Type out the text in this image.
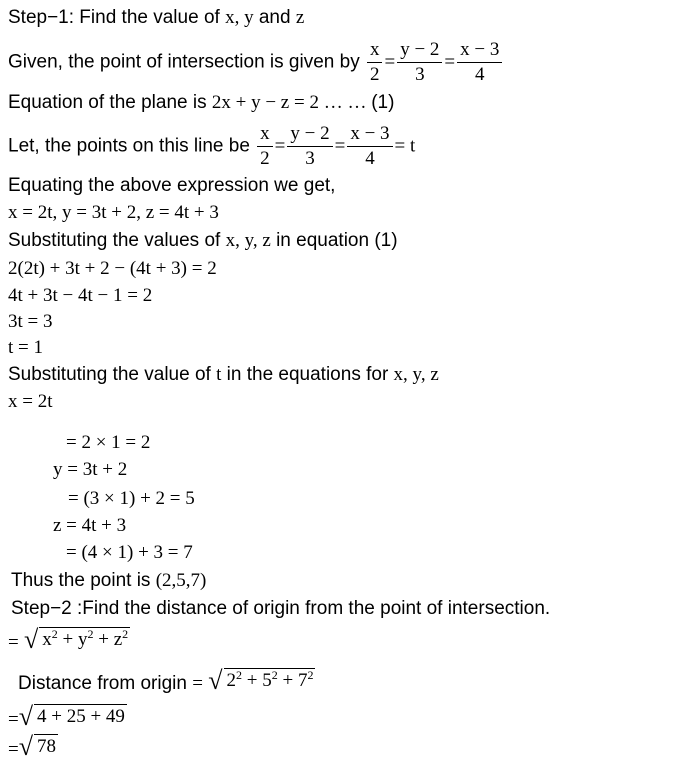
Step−1: Find the value of x, y and z
Given, the point of intersection is given by $\frac{x}{2} = \frac{y - 2}{3} = \frac{x - 3}{4}$
Equation of the plane is 2x + y − z = 2 … … (1)
Let, the points on this line be $\frac{x}{2} = \frac{y - 2}{3} = \frac{x - 3}{4} = t$
Equating the above expression we get,
x = 2t, y = 3t + 2, z = 4t + 3
Substituting the values of x, y, z in equation (1)
2(2t) + 3t + 2 − (4t + 3) = 2
4t + 3t − 4t − 1 = 2
3t = 3
t = 1
Substituting the value of t in the equations for x, y, z
x = 2t
= 2 × 1 = 2
y = 3t + 2
= (3 × 1) + 2 = 5
z = 4t + 3
= (4 × 1) + 3 = 7
Thus the point is (2,5,7)
Step−2 :Find the distance of origin from the point of intersection.
= √ $x^2 + y^2 + z^2$
Distance from origin = √ $2^2 + 5^2 + 7^2$
= √ 4 + 25 + 49
= √ 78
